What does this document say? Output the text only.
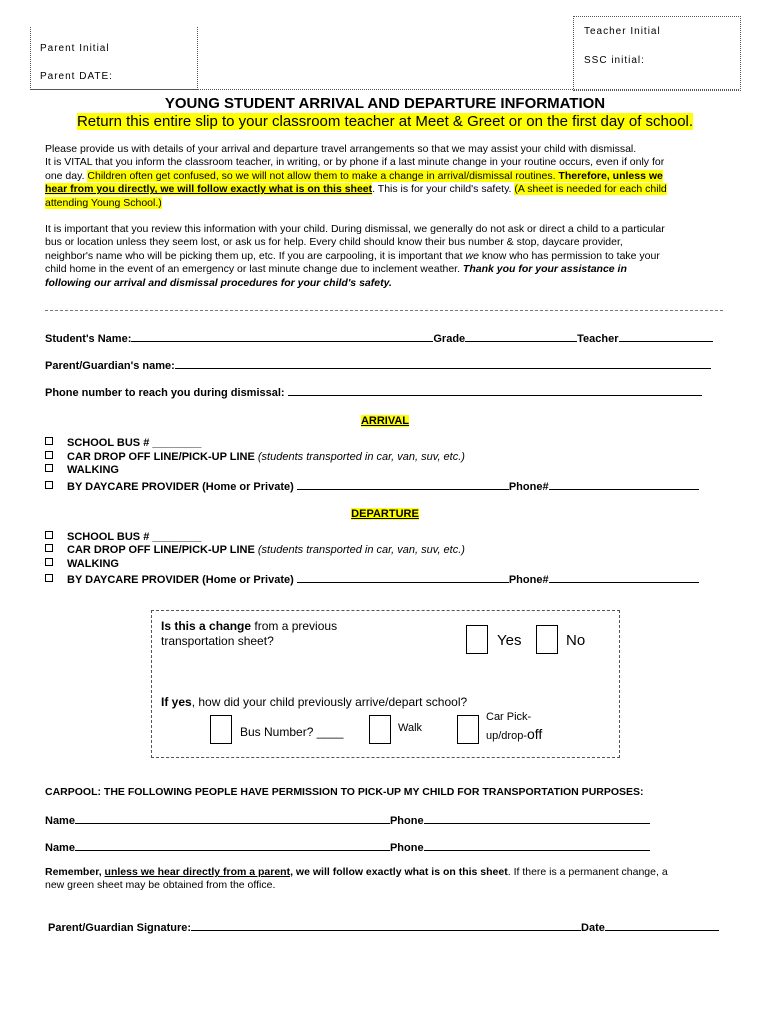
Parent Initial
Parent DATE:
Teacher Initial
SSC initial:
YOUNG STUDENT ARRIVAL AND DEPARTURE INFORMATION
Return this entire slip to your classroom teacher at Meet & Greet or on the first day of school.
Please provide us with details of your arrival and departure travel arrangements so that we may assist your child with dismissal.
It is VITAL that you inform the classroom teacher, in writing, or by phone if a last minute change in your routine occurs, even if only for
one day. Children often get confused, so we will not allow them to make a change in arrival/dismissal routines. Therefore, unless we
hear from you directly, we will follow exactly what is on this sheet. This is for your child's safety. (A sheet is needed for each child
attending Young School.)
It is important that you review this information with your child. During dismissal, we generally do not ask or direct a child to a particular
bus or location unless they seem lost, or ask us for help. Every child should know their bus number & stop, daycare provider,
neighbor's name who will be picking them up, etc. If you are carpooling, it is important that we know who has permission to take your
child home in the event of an emergency or last minute change due to inclement weather. Thank you for your assistance in
following our arrival and dismissal procedures for your child's safety.
Student's Name:	Grade	Teacher
Parent/Guardian's name:
Phone number to reach you during dismissal:
ARRIVAL
SCHOOL BUS # ________
CAR DROP OFF LINE/PICK-UP LINE (students transported in car, van, suv, etc.)
WALKING
BY DAYCARE PROVIDER (Home or Private)	Phone#
DEPARTURE
SCHOOL BUS # ________
CAR DROP OFF LINE/PICK-UP LINE (students transported in car, van, suv, etc.)
WALKING
BY DAYCARE PROVIDER (Home or Private)	Phone#
Is this a change from a previous
transportation sheet?	Yes	No
If yes, how did your child previously arrive/depart school?
Bus Number? ____	Walk
Car Pick-
up/drop-off
CARPOOL: THE FOLLOWING PEOPLE HAVE PERMISSION TO PICK-UP MY CHILD FOR TRANSPORTATION PURPOSES:
Name	Phone
Name	Phone
Remember, unless we hear directly from a parent, we will follow exactly what is on this sheet. If there is a permanent change, a
new green sheet may be obtained from the office.
Parent/Guardian Signature:	Date
